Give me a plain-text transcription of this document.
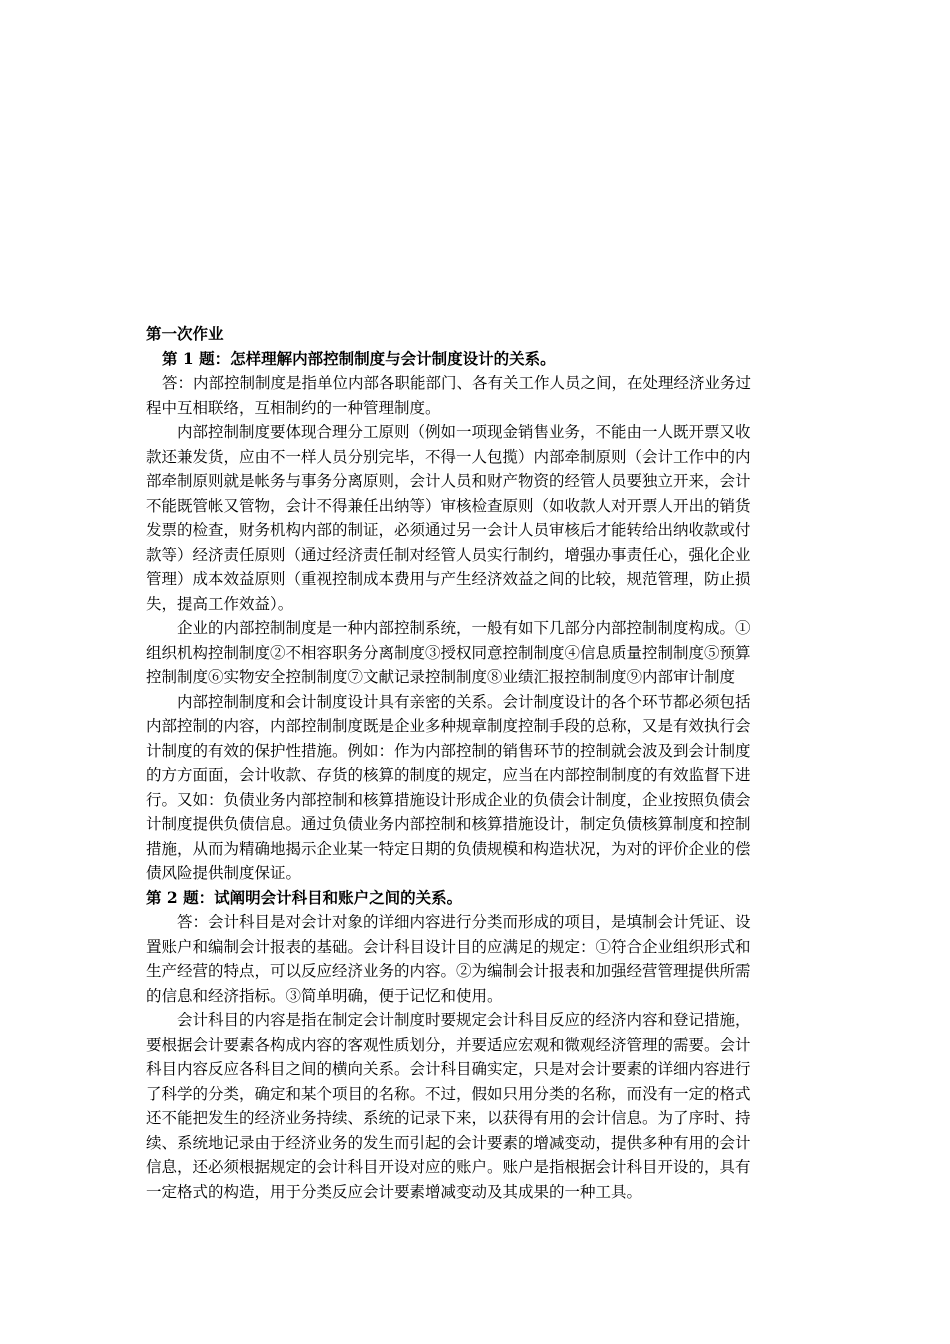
第一次作业
第 1 题：怎样理解内部控制制度与会计制度设计的关系。
答：内部控制制度是指单位内部各职能部门、各有关工作人员之间，在处理经济业务过
程中互相联络，互相制约的一种管理制度。
内部控制制度要体现合理分工原则（例如一项现金销售业务，不能由一人既开票又收
款还兼发货，应由不一样人员分别完毕，不得一人包揽）内部牵制原则（会计工作中的内
部牵制原则就是帐务与事务分离原则，会计人员和财产物资的经管人员要独立开来，会计
不能既管帐又管物，会计不得兼任出纳等）审核检查原则（如收款人对开票人开出的销货
发票的检查，财务机构内部的制证，必须通过另一会计人员审核后才能转给出纳收款或付
款等）经济责任原则（通过经济责任制对经管人员实行制约，增强办事责任心，强化企业
管理）成本效益原则（重视控制成本费用与产生经济效益之间的比较，规范管理，防止损
失，提高工作效益）。
企业的内部控制制度是一种内部控制系统，一般有如下几部分内部控制制度构成。①
组织机构控制制度②不相容职务分离制度③授权同意控制制度④信息质量控制制度⑤预算
控制制度⑥实物安全控制制度⑦文献记录控制制度⑧业绩汇报控制制度⑨内部审计制度
内部控制制度和会计制度设计具有亲密的关系。会计制度设计的各个环节都必须包括
内部控制的内容，内部控制制度既是企业多种规章制度控制手段的总称，又是有效执行会
计制度的有效的保护性措施。例如：作为内部控制的销售环节的控制就会波及到会计制度
的方方面面，会计收款、存货的核算的制度的规定，应当在内部控制制度的有效监督下进
行。又如：负债业务内部控制和核算措施设计形成企业的负债会计制度，企业按照负债会
计制度提供负债信息。通过负债业务内部控制和核算措施设计，制定负债核算制度和控制
措施，从而为精确地揭示企业某一特定日期的负债规模和构造状况，为对的评价企业的偿
债风险提供制度保证。
第 2 题：试阐明会计科目和账户之间的关系。
答：会计科目是对会计对象的详细内容进行分类而形成的项目，是填制会计凭证、设
置账户和编制会计报表的基础。会计科目设计目的应满足的规定：①符合企业组织形式和
生产经营的特点，可以反应经济业务的内容。②为编制会计报表和加强经营管理提供所需
的信息和经济指标。③简单明确，便于记忆和使用。
会计科目的内容是指在制定会计制度时要规定会计科目反应的经济内容和登记措施，
要根据会计要素各构成内容的客观性质划分，并要适应宏观和微观经济管理的需要。会计
科目内容反应各科目之间的横向关系。会计科目确实定，只是对会计要素的详细内容进行
了科学的分类，确定和某个项目的名称。不过，假如只用分类的名称，而没有一定的格式
还不能把发生的经济业务持续、系统的记录下来，以获得有用的会计信息。为了序时、持
续、系统地记录由于经济业务的发生而引起的会计要素的增减变动，提供多种有用的会计
信息，还必须根据规定的会计科目开设对应的账户。账户是指根据会计科目开设的，具有
一定格式的构造，用于分类反应会计要素增减变动及其成果的一种工具。
